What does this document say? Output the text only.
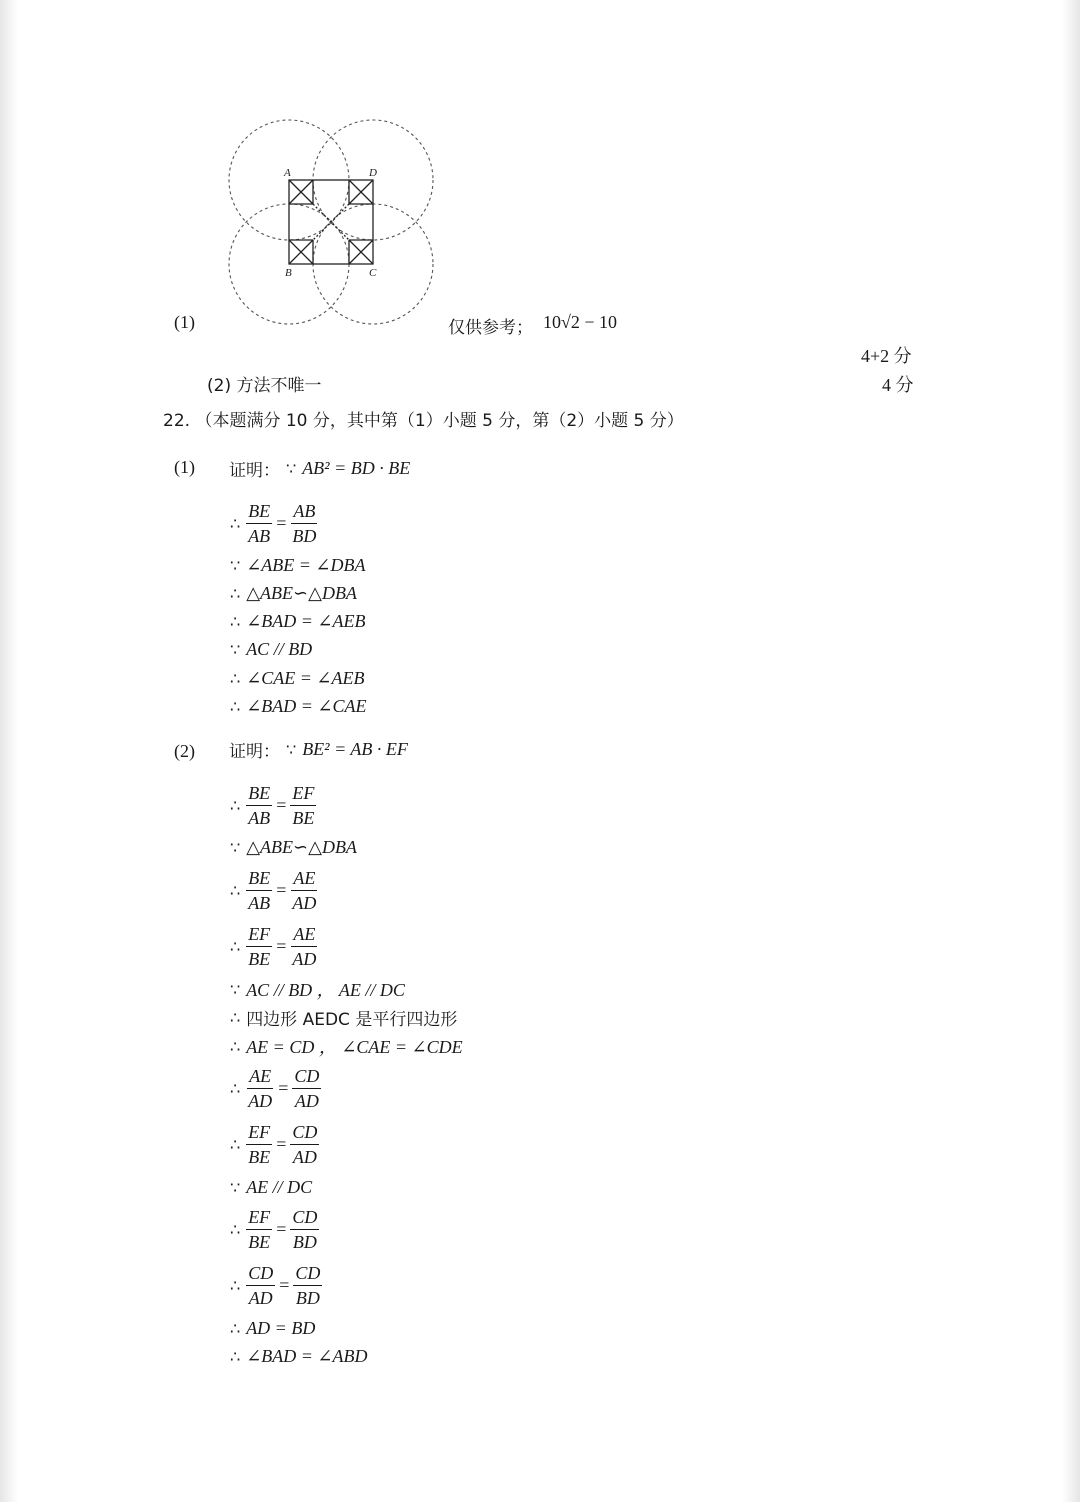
A	D
B	C
(1)	仅供参考； 10√2 − 10
4+2 分
(2) 方法不唯一	4 分
22. （本题满分 10 分，其中第（1）小题 5 分，第（2）小题 5 分）
(1) 证明： ∵ AB² = BD · BE
∴ $\frac{BE}{AB} = \frac{AB}{BD}$
∵ ∠ABE = ∠DBA
∴ △ABE∽△DBA
∴ ∠BAD = ∠AEB
∵ AC // BD
∴ ∠CAE = ∠AEB
∴ ∠BAD = ∠CAE
(2) 证明： ∵ BE² = AB · EF
∴ $\frac{BE}{AB} = \frac{EF}{BE}$
∵ △ABE∽△DBA
∴ $\frac{BE}{AB} = \frac{AE}{AD}$
∴ $\frac{EF}{BE} = \frac{AE}{AD}$
∵ AC // BD ， AE // DC
∴ 四边形 AEDC 是平行四边形
∴ AE = CD ， ∠CAE = ∠CDE
∴ $\frac{AE}{AD} = \frac{CD}{AD}$
∴ $\frac{EF}{BE} = \frac{CD}{AD}$
∵ AE // DC
∴ $\frac{EF}{BE} = \frac{CD}{BD}$
∴ $\frac{CD}{AD} = \frac{CD}{BD}$
∴ AD = BD
∴ ∠BAD = ∠ABD
